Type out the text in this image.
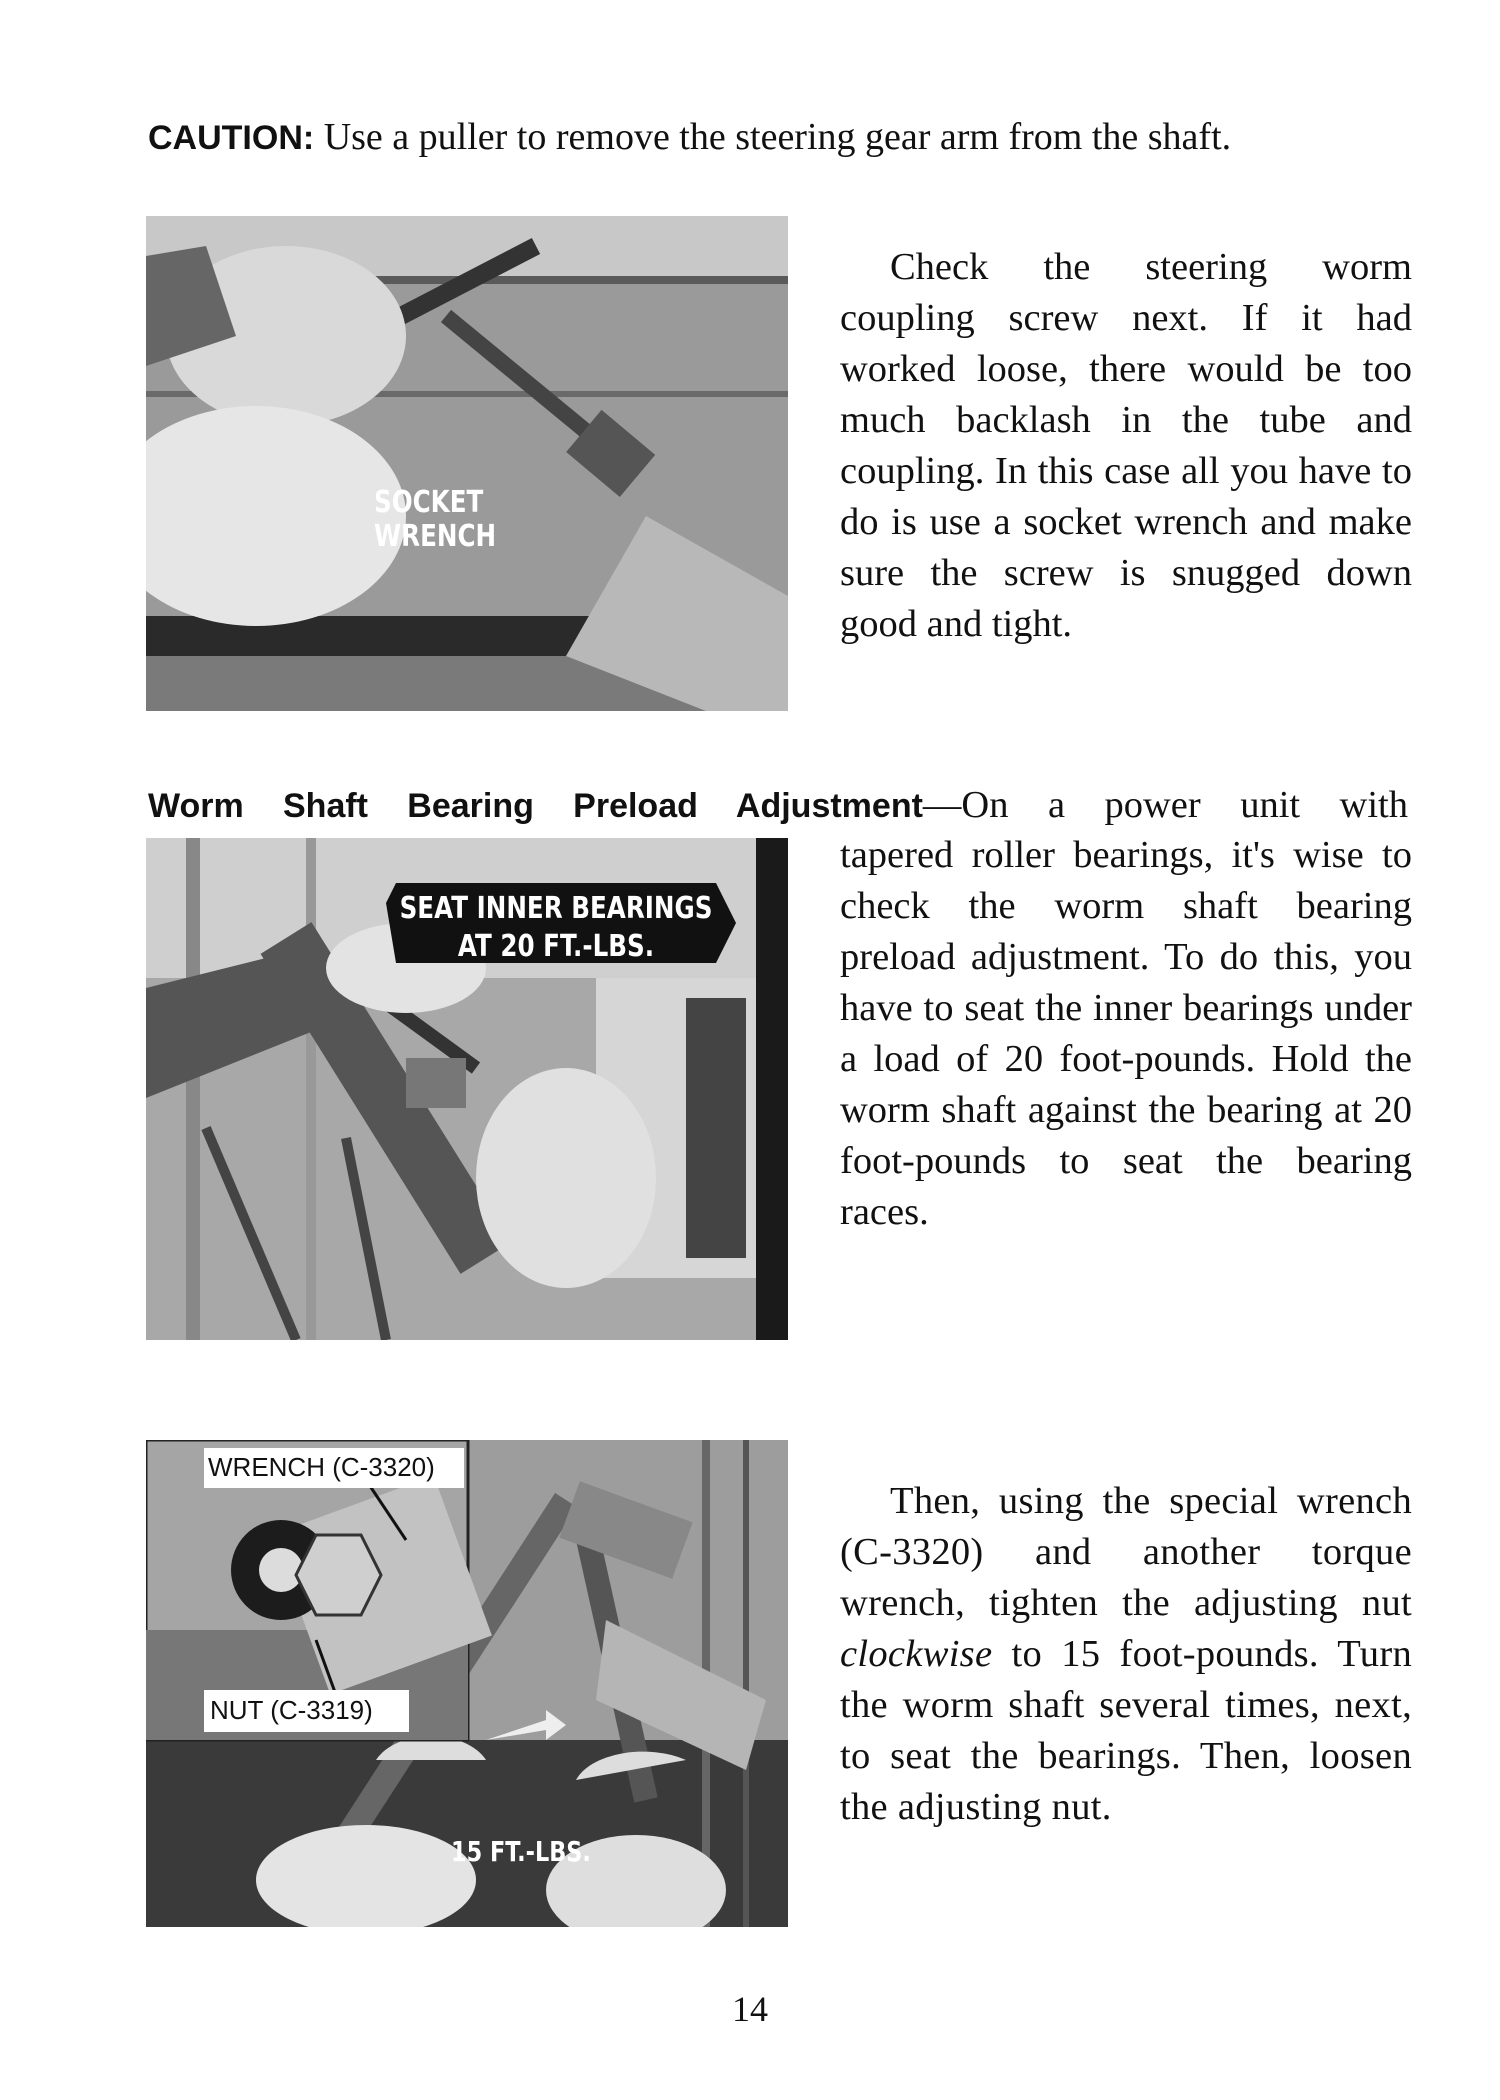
CAUTION: Use a puller to remove the steering gear arm from the shaft.
SOCKET
WRENCH
Check the steering worm coupling screw next. If it had worked loose, there would be too much backlash in the tube and coupling. In this case all you have to do is use a socket wrench and make sure the screw is snugged down good and tight.
Worm Shaft Bearing Preload Adjustment—On a power unit with
SEAT INNER BEARINGS
AT 20 FT.-LBS.
tapered roller bearings, it's wise to check the worm shaft bearing preload adjustment. To do this, you have to seat the inner bearings under a load of 20 foot-pounds. Hold the worm shaft against the bearing at 20 foot-pounds to seat the bearing races.
WRENCH (C-3320)
NUT (C-3319)
15 FT.-LBS.
Then, using the special wrench (C-3320) and another torque wrench, tighten the adjusting nut clockwise to 15 foot-pounds. Turn the worm shaft several times, next, to seat the bearings. Then, loosen the adjusting nut.
14
